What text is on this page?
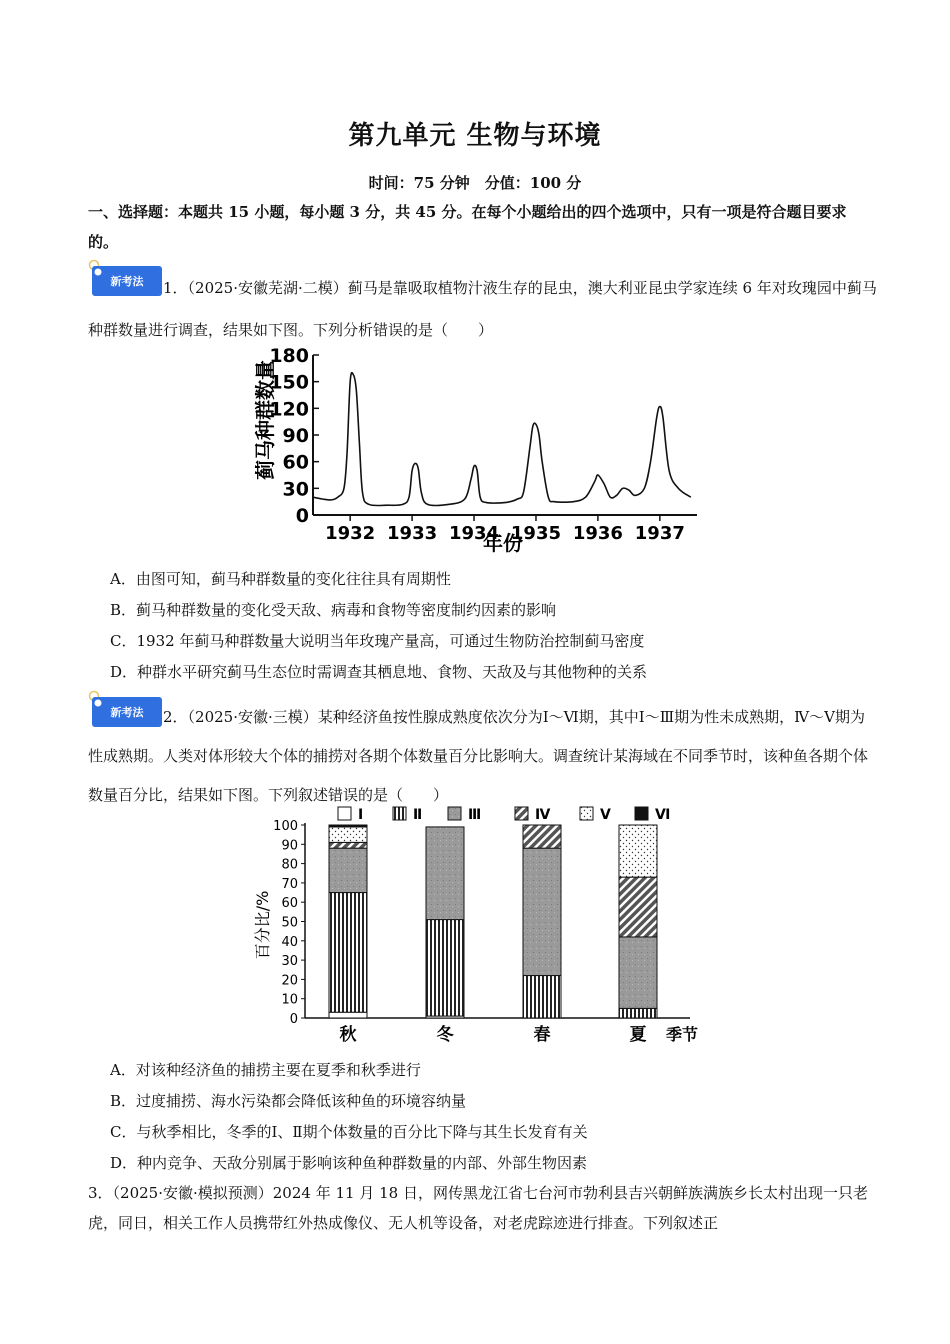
第九单元 生物与环境
时间：75 分钟　分值：100 分
一、选择题：本题共 15 小题，每小题 3 分，共 45 分。在每个小题给出的四个选项中，只有一项是符合题目要求的。
新考法	1．（2025·安徽芜湖·二模）蓟马是靠吸取植物汁液生存的昆虫，澳大利亚昆虫学家连续 6 年对玫瑰园中蓟马种群数量进行调查，结果如下图。下列分析错误的是（　　）
年份
0
30
60
90
120
150
180
1932 1933 1934 1935 1936 1937
蓟马种群数量
A．由图可知，蓟马种群数量的变化往往具有周期性
B．蓟马种群数量的变化受天敌、病毒和食物等密度制约因素的影响
C．1932 年蓟马种群数量大说明当年玫瑰产量高，可通过生物防治控制蓟马密度
D．种群水平研究蓟马生态位时需调查其栖息地、食物、天敌及与其他物种的关系
新考法	2．（2025·安徽·三模）某种经济鱼按性腺成熟度依次分为Ⅰ～Ⅵ期，其中Ⅰ～Ⅲ期为性未成熟期，Ⅳ～Ⅴ期为性成熟期。人类对体形较大个体的捕捞对各期个体数量百分比影响大。调查统计某海域在不同季节时，该种鱼各期个体数量百分比，结果如下图。下列叙述错误的是（　　）
百分比/%
季节
0
10
20
30
40
50
60
70
80
90
100
秋	冬	春	夏
Ⅰ	Ⅱ	Ⅲ	Ⅳ	Ⅴ	Ⅵ
A．对该种经济鱼的捕捞主要在夏季和秋季进行
B．过度捕捞、海水污染都会降低该种鱼的环境容纳量
C．与秋季相比，冬季的Ⅰ、Ⅱ期个体数量的百分比下降与其生长发育有关
D．种内竞争、天敌分别属于影响该种鱼种群数量的内部、外部生物因素
3．（2025·安徽·模拟预测）2024 年 11 月 18 日，网传黑龙江省七台河市勃利县吉兴朝鲜族满族乡长太村出现一只老虎，同日，相关工作人员携带红外热成像仪、无人机等设备，对老虎踪迹进行排查。下列叙述正
